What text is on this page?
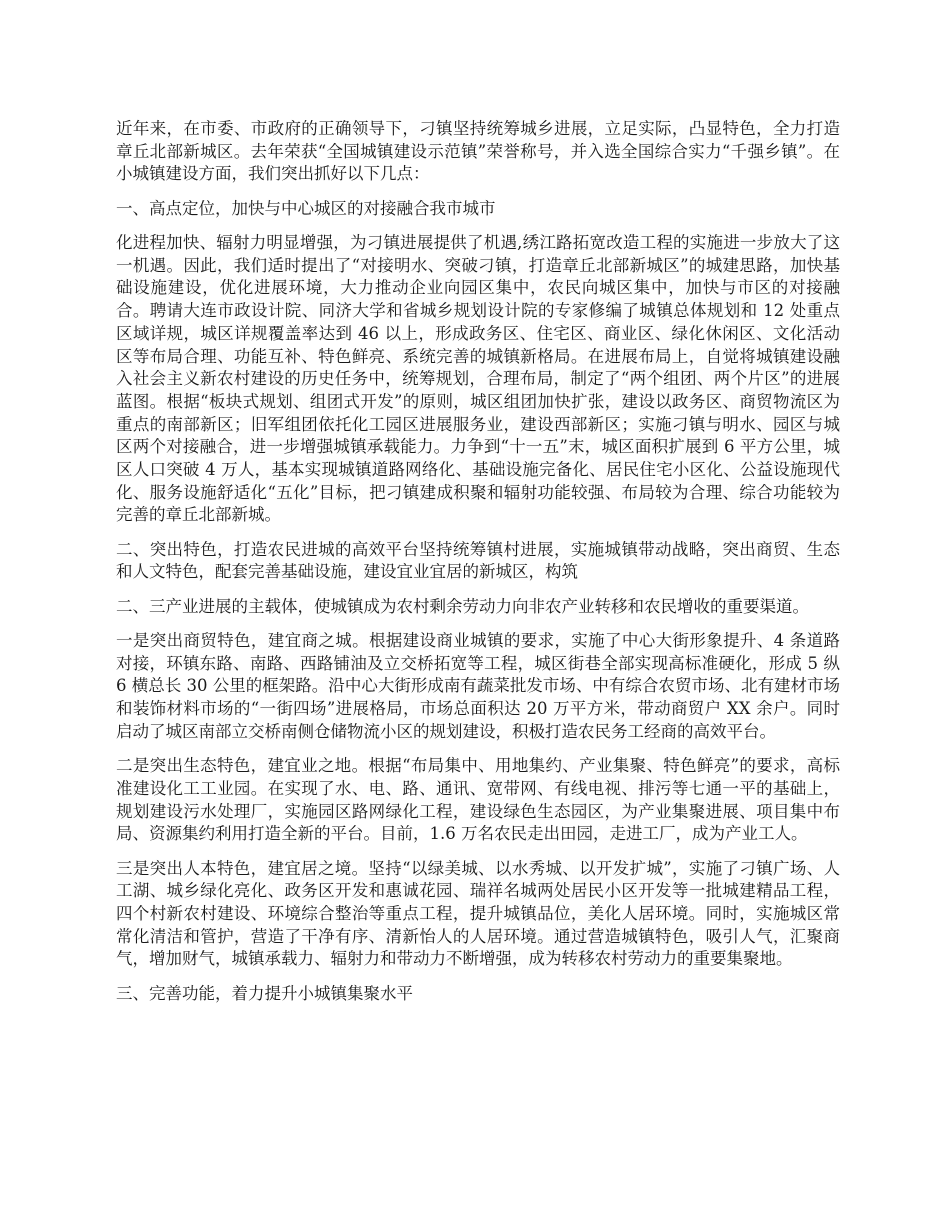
近年来，在市委、市政府的正确领导下，刁镇坚持统筹城乡进展，立足实际，凸显特色，全力打造章丘北部新城区。去年荣获“全国城镇建设示范镇”荣誉称号，并入选全国综合实力“千强乡镇”。在小城镇建设方面，我们突出抓好以下几点：

一、高点定位，加快与中心城区的对接融合我市城市

化进程加快、辐射力明显增强，为刁镇进展提供了机遇,绣江路拓宽改造工程的实施进一步放大了这一机遇。因此，我们适时提出了“对接明水、突破刁镇，打造章丘北部新城区”的城建思路，加快基础设施建设，优化进展环境，大力推动企业向园区集中，农民向城区集中，加快与市区的对接融合。聘请大连市政设计院、同济大学和省城乡规划设计院的专家修编了城镇总体规划和 12 处重点区域详规，城区详规覆盖率达到 46 以上，形成政务区、住宅区、商业区、绿化休闲区、文化活动区等布局合理、功能互补、特色鲜亮、系统完善的城镇新格局。在进展布局上，自觉将城镇建设融入社会主义新农村建设的历史任务中，统筹规划，合理布局，制定了“两个组团、两个片区”的进展蓝图。根据“板块式规划、组团式开发”的原则，城区组团加快扩张，建设以政务区、商贸物流区为重点的南部新区；旧军组团依托化工园区进展服务业，建设西部新区；实施刁镇与明水、园区与城区两个对接融合，进一步增强城镇承载能力。力争到“十一五”末，城区面积扩展到 6 平方公里，城区人口突破 4 万人，基本实现城镇道路网络化、基础设施完备化、居民住宅小区化、公益设施现代化、服务设施舒适化“五化”目标，把刁镇建成积聚和辐射功能较强、布局较为合理、综合功能较为完善的章丘北部新城。

二、突出特色，打造农民进城的高效平台坚持统筹镇村进展，实施城镇带动战略，突出商贸、生态和人文特色，配套完善基础设施，建设宜业宜居的新城区，构筑

二、三产业进展的主载体，使城镇成为农村剩余劳动力向非农产业转移和农民增收的重要渠道。

一是突出商贸特色，建宜商之城。根据建设商业城镇的要求，实施了中心大街形象提升、4 条道路对接，环镇东路、南路、西路铺油及立交桥拓宽等工程，城区街巷全部实现高标准硬化，形成 5 纵 6 横总长 30 公里的框架路。沿中心大街形成南有蔬菜批发市场、中有综合农贸市场、北有建材市场和装饰材料市场的“一街四场”进展格局，市场总面积达 20 万平方米，带动商贸户 XX 余户。同时启动了城区南部立交桥南侧仓储物流小区的规划建设，积极打造农民务工经商的高效平台。

二是突出生态特色，建宜业之地。根据“布局集中、用地集约、产业集聚、特色鲜亮”的要求，高标准建设化工工业园。在实现了水、电、路、通讯、宽带网、有线电视、排污等七通一平的基础上，规划建设污水处理厂，实施园区路网绿化工程，建设绿色生态园区，为产业集聚进展、项目集中布局、资源集约利用打造全新的平台。目前，1.6 万名农民走出田园，走进工厂，成为产业工人。

三是突出人本特色，建宜居之境。坚持“以绿美城、以水秀城、以开发扩城”，实施了刁镇广场、人工湖、城乡绿化亮化、政务区开发和惠诚花园、瑞祥名城两处居民小区开发等一批城建精品工程，四个村新农村建设、环境综合整治等重点工程，提升城镇品位，美化人居环境。同时，实施城区常常化清洁和管护，营造了干净有序、清新怡人的人居环境。通过营造城镇特色，吸引人气，汇聚商气，增加财气，城镇承载力、辐射力和带动力不断增强，成为转移农村劳动力的重要集聚地。

三、完善功能，着力提升小城镇集聚水平
